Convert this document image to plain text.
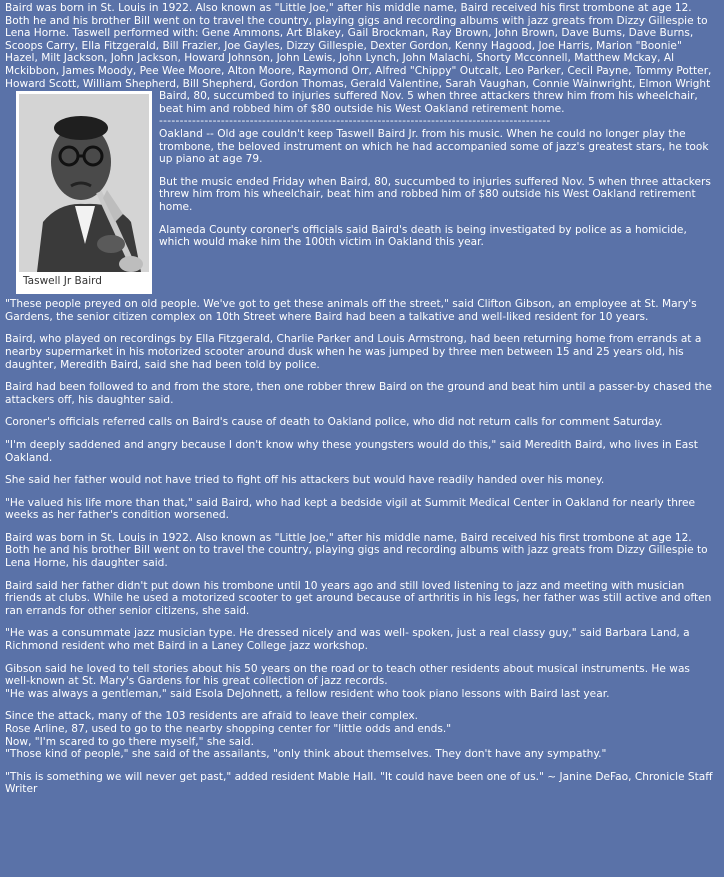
Baird was born in St. Louis in 1922. Also known as "Little Joe," after his middle name, Baird received his first trombone at age 12. Both he and his brother Bill went on to travel the country, playing gigs and recording albums with jazz greats from Dizzy Gillespie to Lena Horne. Taswell performed with: Gene Ammons, Art Blakey, Gail Brockman, Ray Brown, John Brown, Dave Bums, Dave Burns, Scoops Carry, Ella Fitzgerald, Bill Frazier, Joe Gayles, Dizzy Gillespie, Dexter Gordon, Kenny Hagood, Joe Harris, Marion "Boonie" Hazel, Milt Jackson, John Jackson, Howard Johnson, John Lewis, John Lynch, John Malachi, Shorty Mcconnell, Matthew Mckay, Al Mckibbon, James Moody, Pee Wee Moore, Alton Moore, Raymond Orr, Alfred "Chippy" Outcalt, Leo Parker, Cecil Payne, Tommy Potter, Howard Scott, William Shepherd, Bill Shepherd, Gordon Thomas, Gerald Valentine, Sarah Vaughan, Connie Wainwright, Elmon Wright

Taswell Jr Baird

Baird, 80, succumbed to injuries suffered Nov. 5 when three attackers threw him from his wheelchair, beat him and robbed him of $80 outside his West Oakland retirement home.

-----------------------------------------------------------------------------------------------

Oakland -- Old age couldn't keep Taswell Baird Jr. from his music. When he could no longer play the trombone, the beloved instrument on which he had accompanied some of jazz's greatest stars, he took up piano at age 79.

But the music ended Friday when Baird, 80, succumbed to injuries suffered Nov. 5 when three attackers threw him from his wheelchair, beat him and robbed him of $80 outside his West Oakland retirement home.

Alameda County coroner's officials said Baird's death is being investigated by police as a homicide, which would make him the 100th victim in Oakland this year.

"These people preyed on old people. We've got to get these animals off the street," said Clifton Gibson, an employee at St. Mary's Gardens, the senior citizen complex on 10th Street where Baird had been a talkative and well-liked resident for 10 years.

Baird, who played on recordings by Ella Fitzgerald, Charlie Parker and Louis Armstrong, had been returning home from errands at a nearby supermarket in his motorized scooter around dusk when he was jumped by three men between 15 and 25 years old, his daughter, Meredith Baird, said she had been told by police.

Baird had been followed to and from the store, then one robber threw Baird on the ground and beat him until a passer-by chased the attackers off, his daughter said.

Coroner's officials referred calls on Baird's cause of death to Oakland police, who did not return calls for comment Saturday.

"I'm deeply saddened and angry because I don't know why these youngsters would do this," said Meredith Baird, who lives in East Oakland.

She said her father would not have tried to fight off his attackers but would have readily handed over his money.

"He valued his life more than that," said Baird, who had kept a bedside vigil at Summit Medical Center in Oakland for nearly three weeks as her father's condition worsened.

Baird was born in St. Louis in 1922. Also known as "Little Joe," after his middle name, Baird received his first trombone at age 12. Both he and his brother Bill went on to travel the country, playing gigs and recording albums with jazz greats from Dizzy Gillespie to Lena Horne, his daughter said.

Baird said her father didn't put down his trombone until 10 years ago and still loved listening to jazz and meeting with musician friends at clubs. While he used a motorized scooter to get around because of arthritis in his legs, her father was still active and often ran errands for other senior citizens, she said.

"He was a consummate jazz musician type. He dressed nicely and was well- spoken, just a real classy guy," said Barbara Land, a Richmond resident who met Baird in a Laney College jazz workshop.

Gibson said he loved to tell stories about his 50 years on the road or to teach other residents about musical instruments. He was well-known at St. Mary's Gardens for his great collection of jazz records.

"He was always a gentleman," said Esola DeJohnett, a fellow resident who took piano lessons with Baird last year.

Since the attack, many of the 103 residents are afraid to leave their complex.

Rose Arline, 87, used to go to the nearby shopping center for "little odds and ends."

Now, "I'm scared to go there myself," she said.

"Those kind of people," she said of the assailants, "only think about themselves. They don't have any sympathy."

"This is something we will never get past," added resident Mable Hall. "It could have been one of us." ~ Janine DeFao, Chronicle Staff Writer
